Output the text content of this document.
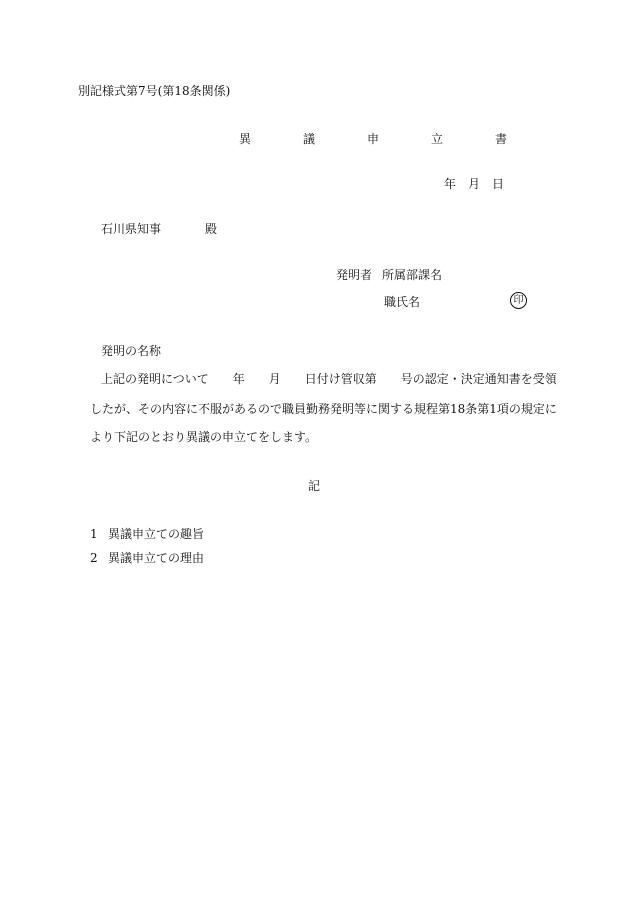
別記様式第7号(第18条関係)
異　議　申　立　書
年　月　日
石川県知事	殿
発明者 所属部課名
職氏名	印
発明の名称
上記の発明について　　年　　月　　日付け管収第　　号の認定・決定通知書を受領
したが、その内容に不服があるので職員勤務発明等に関する規程第18条第1項の規定に
より下記のとおり異議の申立てをします。
記
1 異議申立ての趣旨
2 異議申立ての理由
